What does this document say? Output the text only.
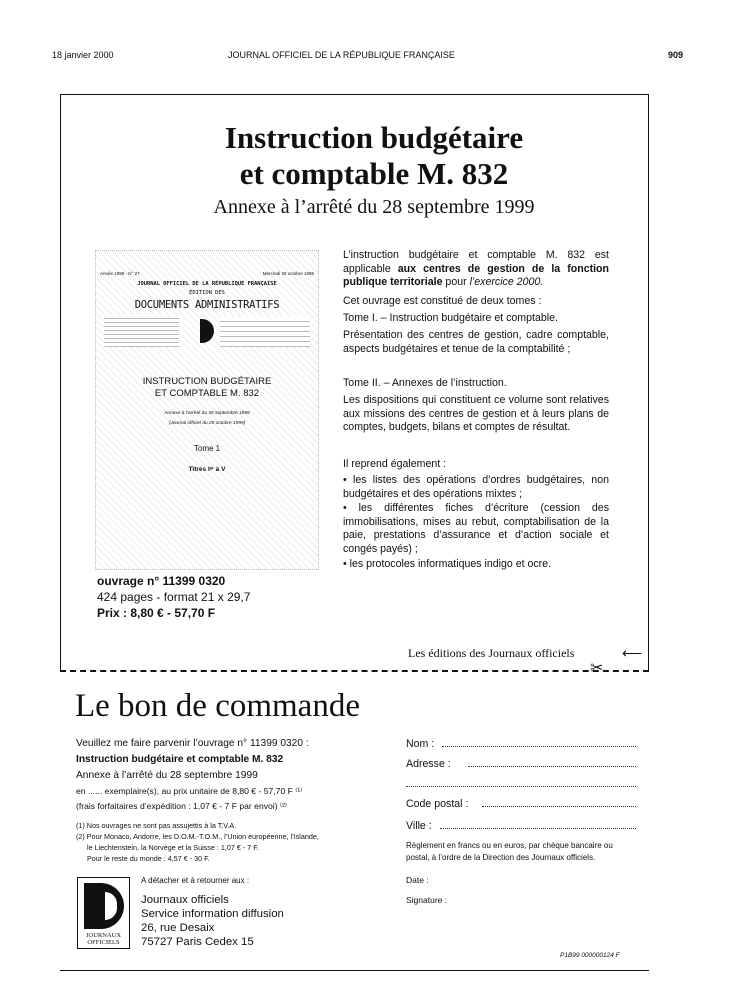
18 janvier 2000	JOURNAL OFFICIEL DE LA RÉPUBLIQUE FRANÇAISE	909
Instruction budgétaire
et comptable M. 832
Annexe à l’arrêté du 28 septembre 1999
Année 1999 - N° 27	Mercredi 29 octobre 1999
JOURNAL OFFICIEL DE LA RÉPUBLIQUE FRANÇAISE
ÉDITION DES
DOCUMENTS ADMINISTRATIFS
INSTRUCTION BUDGÉTAIRE
ET COMPTABLE M. 832
Annexe à l’arrêté du 28 septembre 1999
(Journal officiel du 29 octobre 1999)
Tome 1
Titres Iᵉʳ à V
ouvrage n° 11399 0320
424 pages - format 21 x 29,7
Prix : 8,80 € - 57,70 F
L’instruction budgétaire et comptable M. 832 est applicable aux centres de gestion de la fonction publique territoriale pour l’exercice 2000.
Cet ouvrage est constitué de deux tomes :
Tome I. – Instruction budgétaire et comptable.
Présentation des centres de gestion, cadre comptable, aspects budgétaires et tenue de la comptabilité ;
Tome II. – Annexes de l’instruction.
Les dispositions qui constituent ce volume sont relatives aux missions des centres de gestion et à leurs plans de comptes, budgets, bilans et comptes de résultat.
Il reprend également :
• les listes des opérations d’ordres budgétaires, non budgétaires et des opérations mixtes ;
• les différentes fiches d’écriture (cession des immobilisations, mises au rebut, comptabilisation de la paie, prestations d’assurance et d’action sociale et congés payés) ;
• les protocoles informatiques indigo et ocre.
Les éditions des Journaux officiels	⟵
✂
Le bon de commande
Veuillez me faire parvenir l’ouvrage n° 11399 0320 :
Instruction budgétaire et comptable M. 832
Annexe à l’arrêté du 28 septembre 1999
en ...... exemplaire(s), au prix unitaire de 8,80 € - 57,70 F ⁽¹⁾
(frais forfaitaires d’expédition : 1,07 € - 7 F par envoi) ⁽²⁾
(1) Nos ouvrages ne sont pas assujettis à la T.V.A.
(2) Pour Monaco, Andorre, les D.O.M.-T.O.M., l’Union européenne, l’Islande,
le Liechtenstein, la Norvège et la Suisse : 1,07 € - 7 F.
Pour le reste du monde : 4,57 € - 30 F.
A détacher et à retourner aux :
JOURNAUX
OFFICIELS
Journaux officiels
Service information diffusion
26, rue Desaix
75727 Paris Cedex 15
Nom :
Adresse :
Code postal :
Ville :
Règlement en francs ou en euros, par chèque bancaire ou postal, à l’ordre de la Direction des Journaux officiels.
Date :
Signature :
P1B99 000000124 F
